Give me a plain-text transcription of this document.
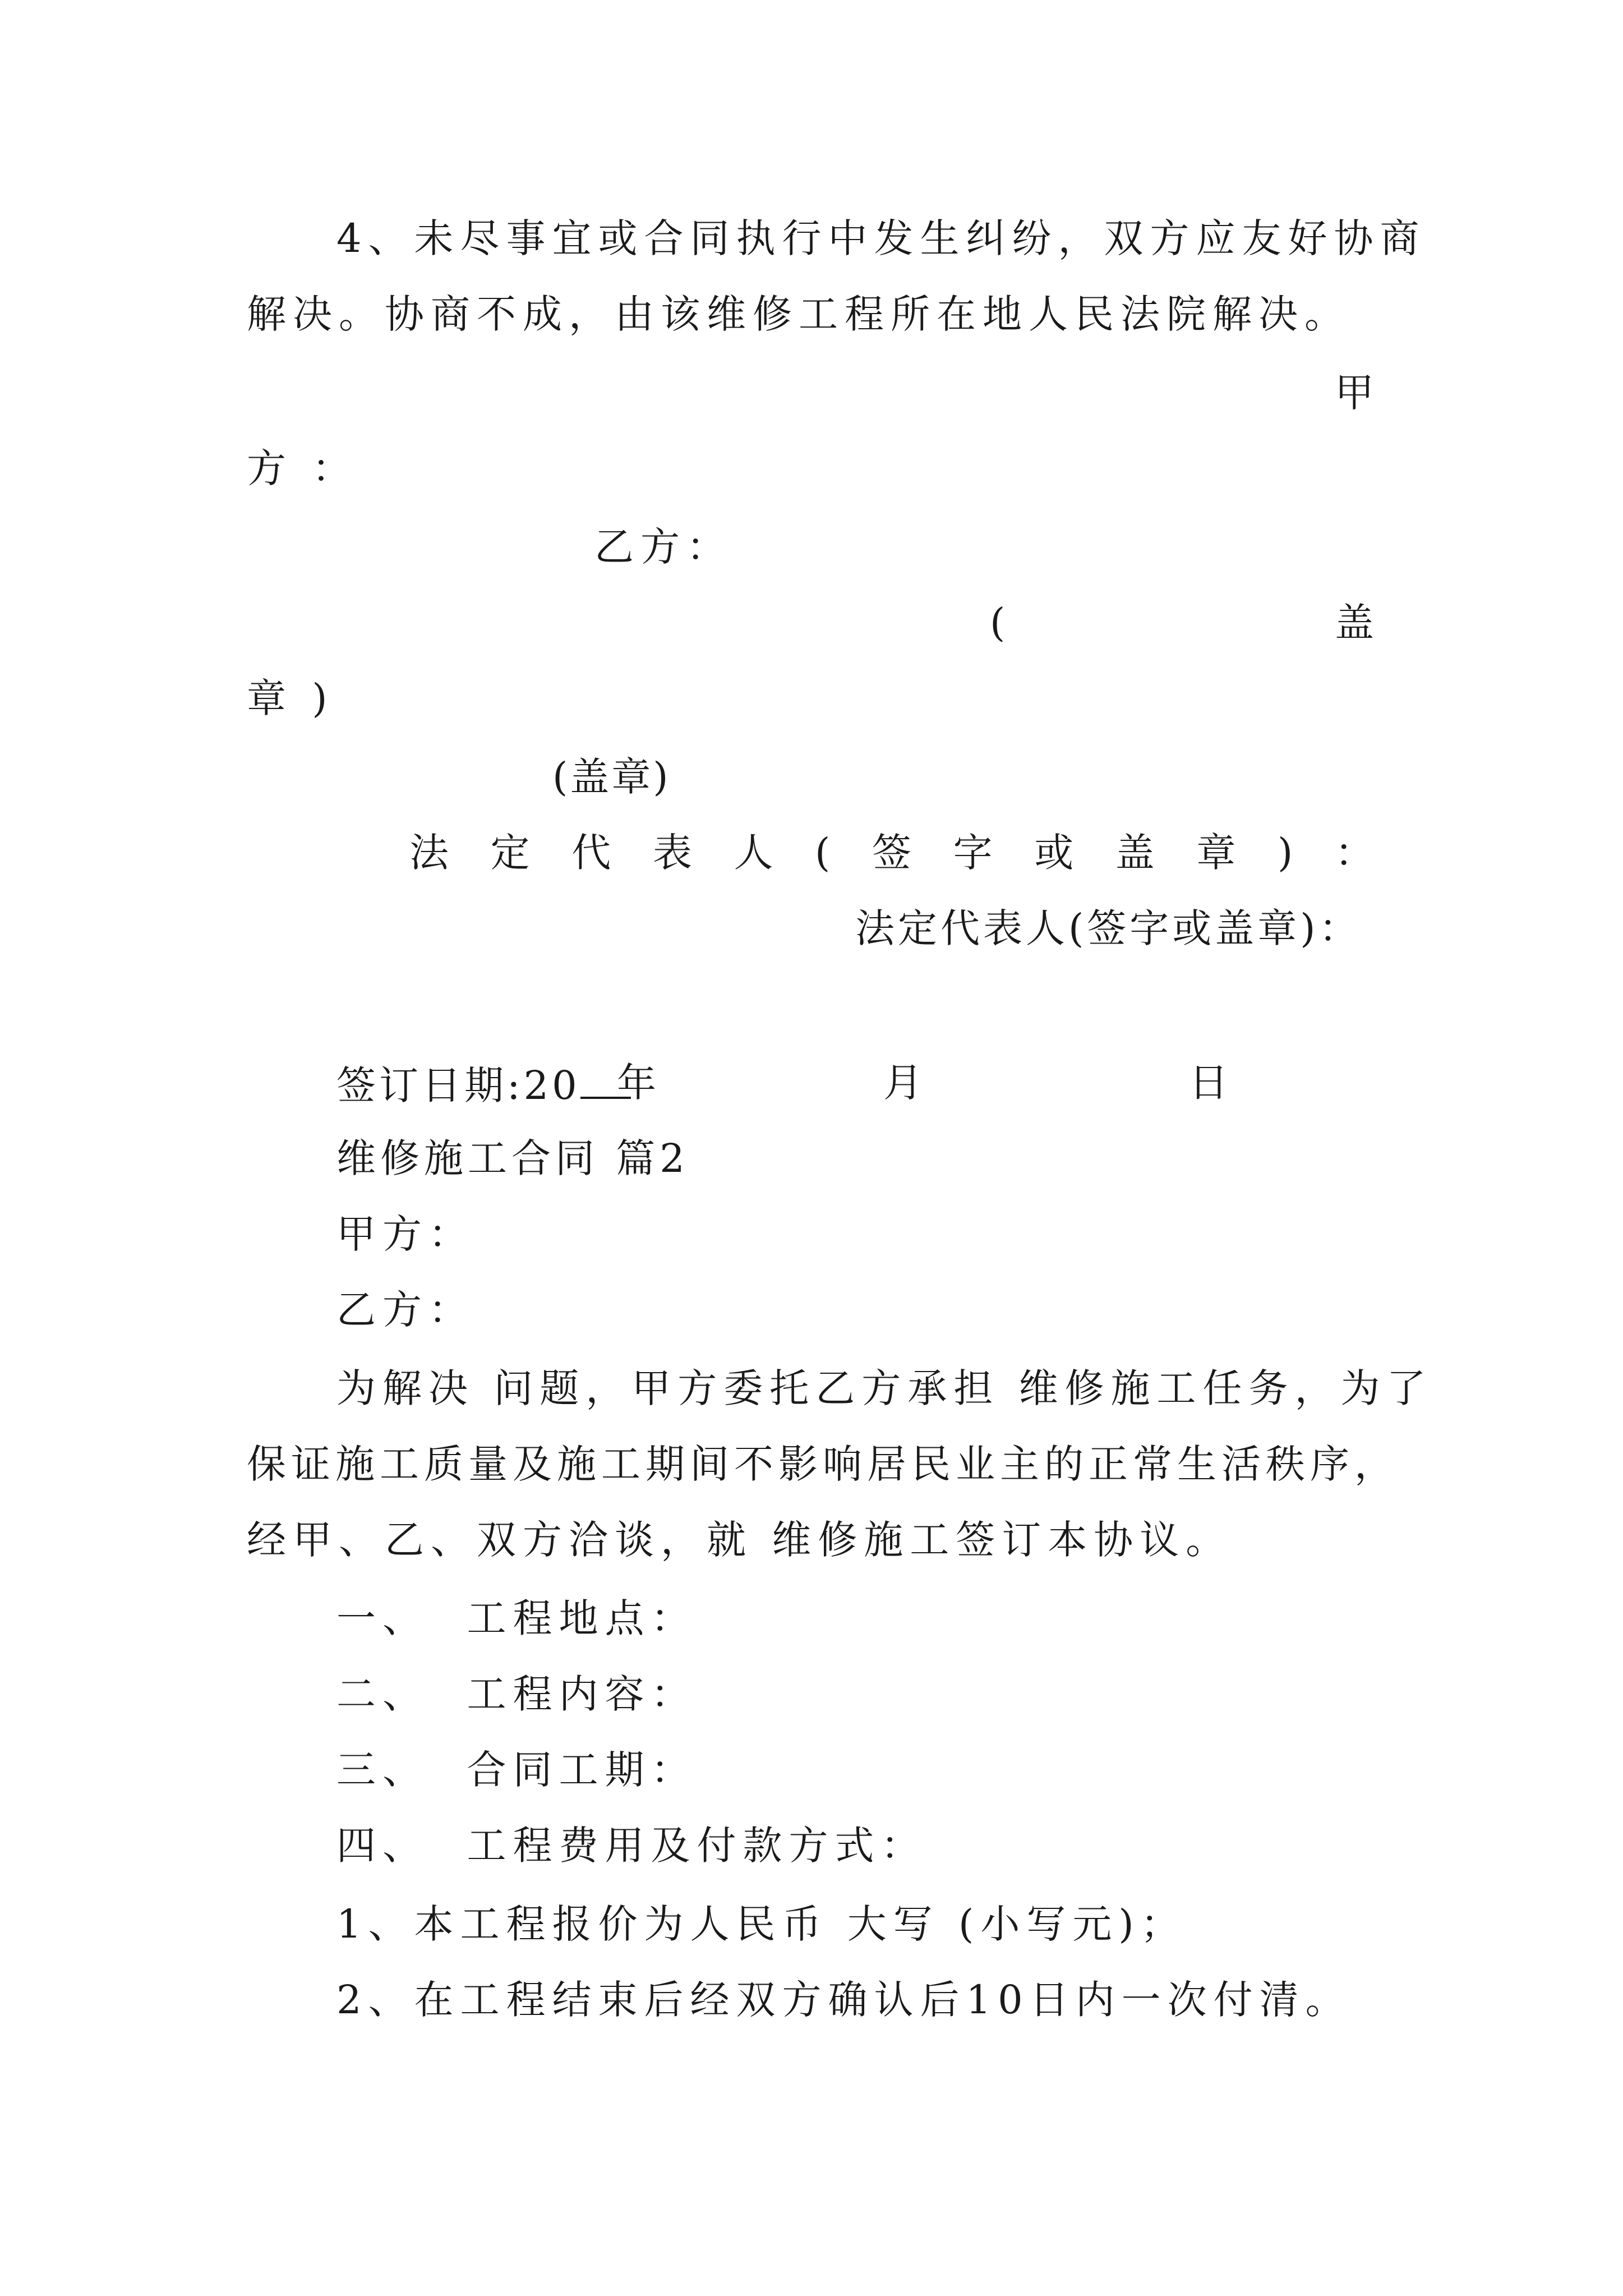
4、未尽事宜或合同执行中发生纠纷，双方应友好协商
解决。协商不成，由该维修工程所在地人民法院解决。
甲
方 ：
乙方：
(	盖
章 )
(盖章)
法 定 代 表 人 ( 签 字 或 盖 章 ) ：
法定代表人(签字或盖章)：
签订日期:20 年	月	日
维修施工合同 篇2
甲方：
乙方：
为解决 问题，甲方委托乙方承担 维修施工任务，为了
保证施工质量及施工期间不影响居民业主的正常生活秩序，
经甲、乙、双方洽谈，就 维修施工签订本协议。
一、  工程地点：
二、  工程内容：
三、  合同工期：
四、  工程费用及付款方式：
1、本工程报价为人民币 大写 (小写元)；
2、在工程结束后经双方确认后10日内一次付清。
